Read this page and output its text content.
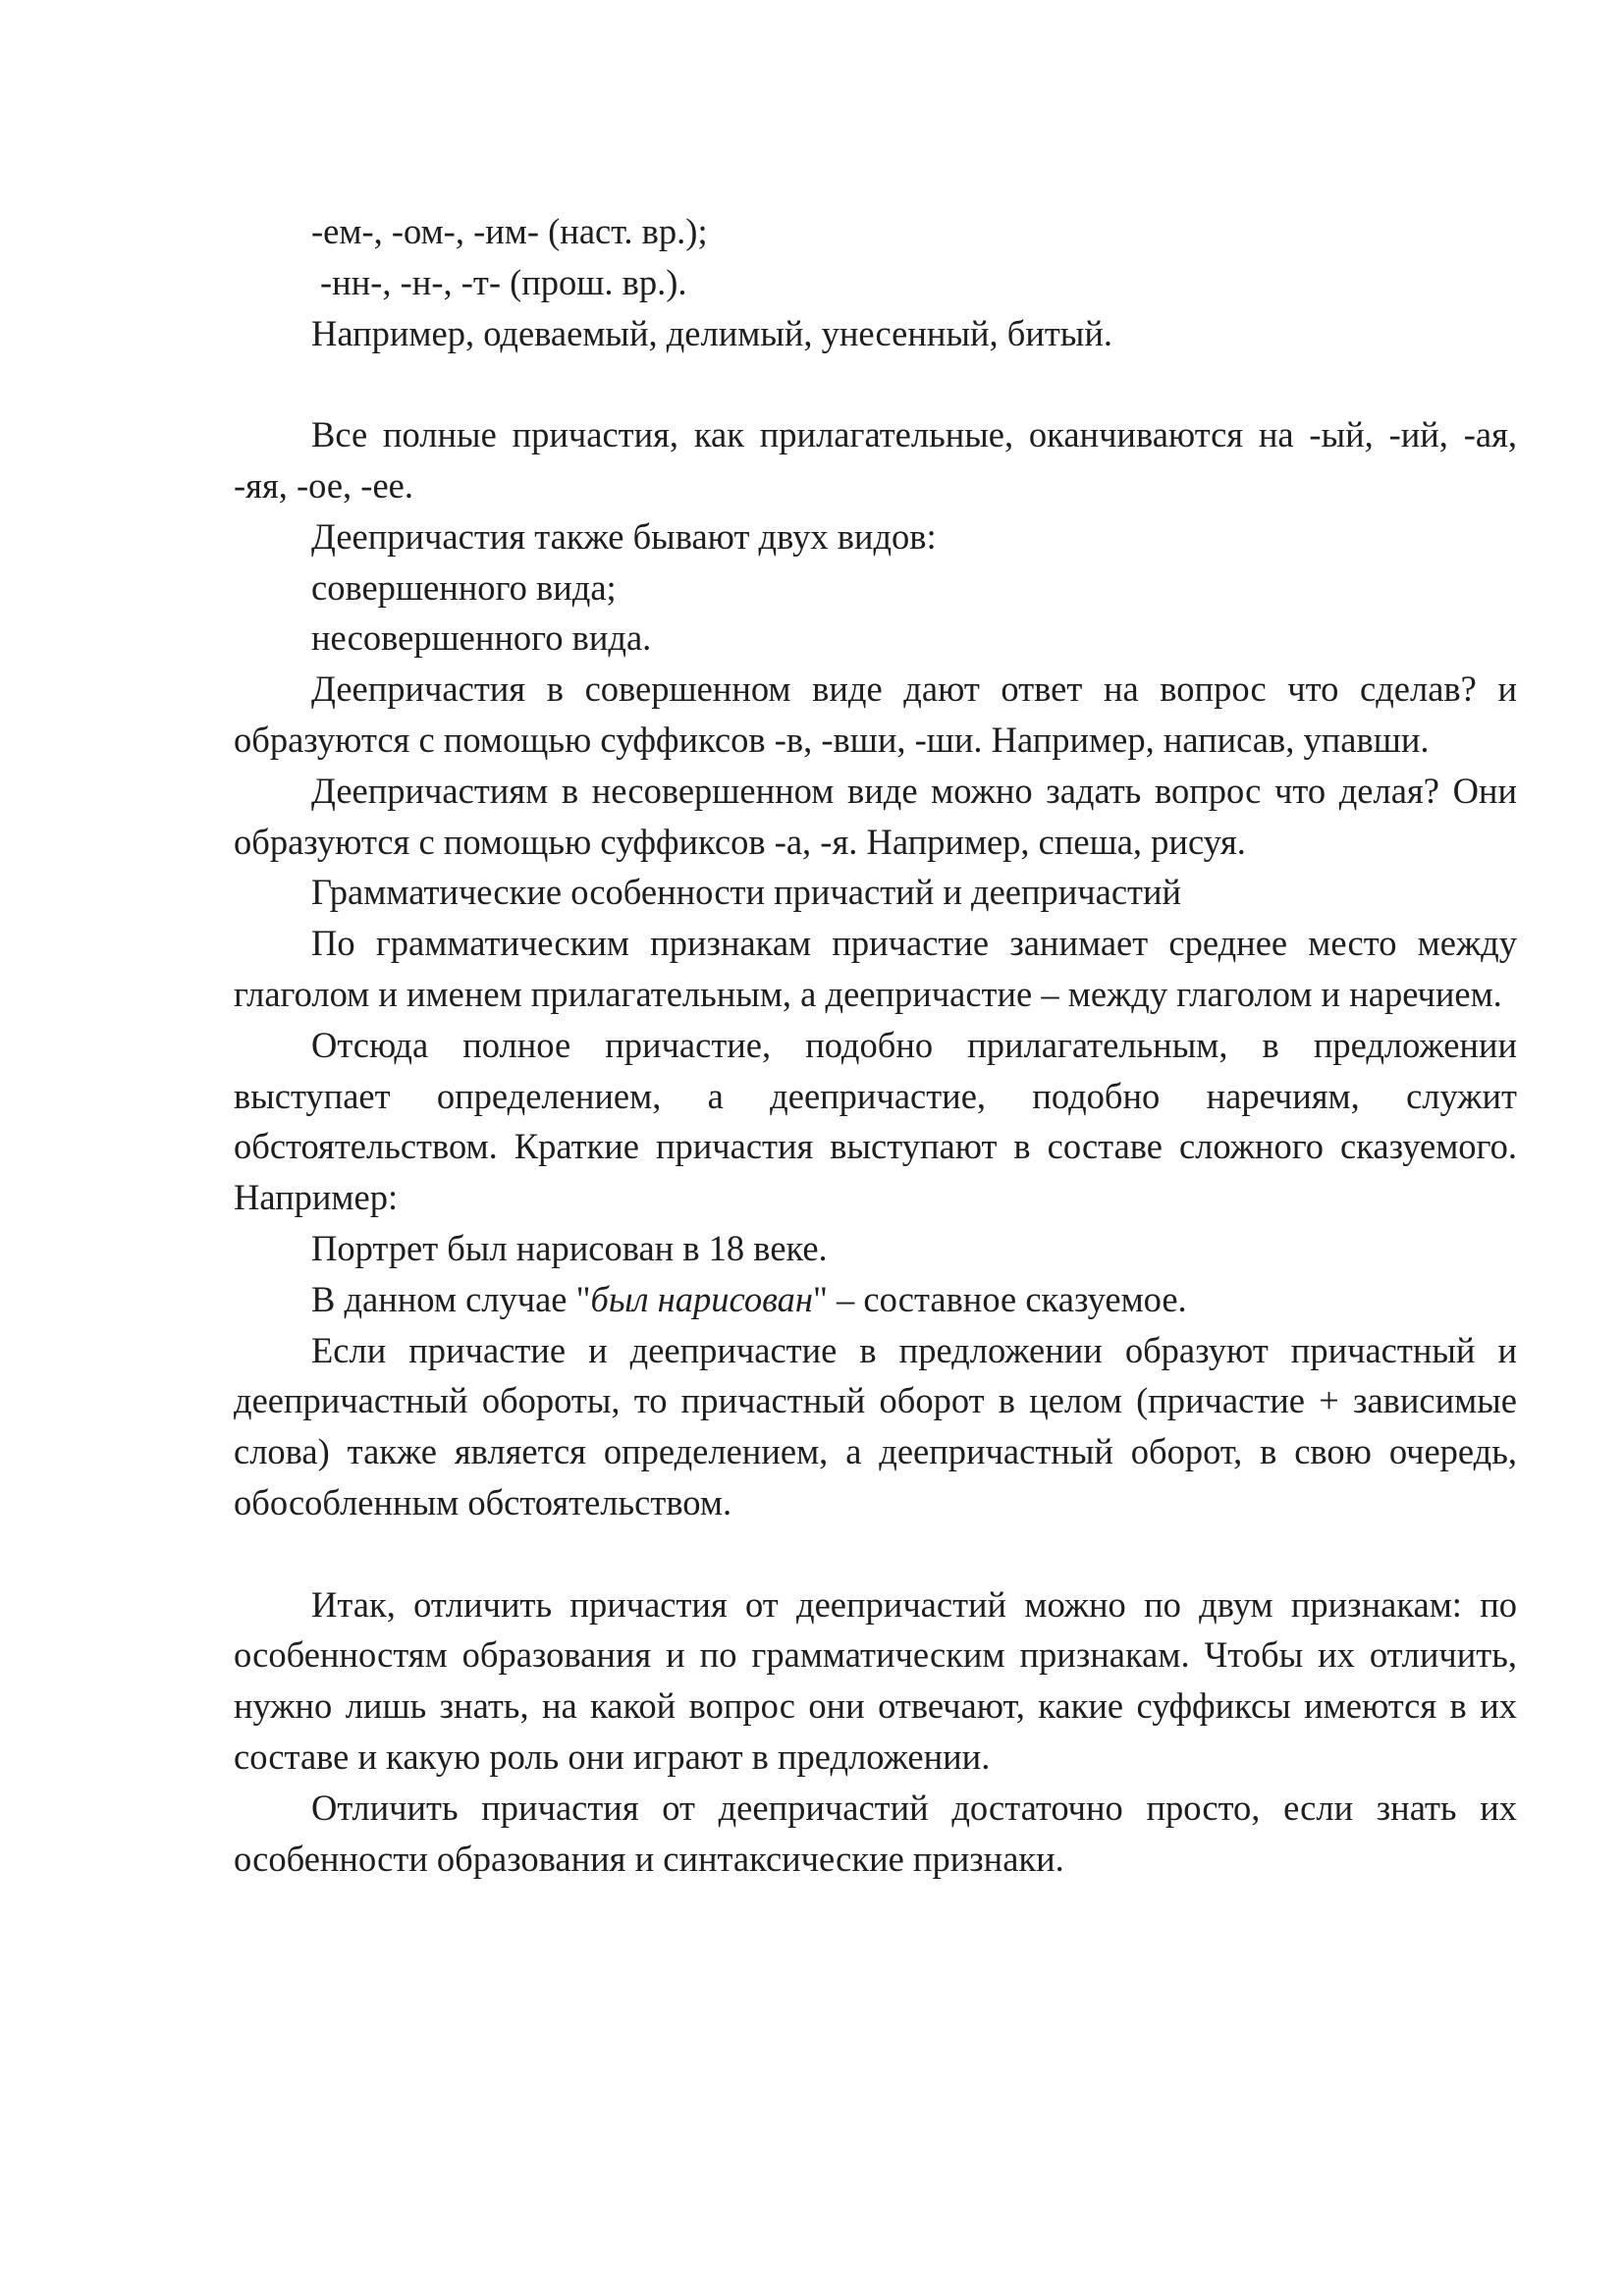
-ем-, -ом-, -им- (наст. вр.);

-нн-, -н-, -т- (прош. вр.).

Например, одеваемый, делимый, унесенный, битый.

Все полные причастия, как прилагательные, оканчиваются на -ый, -ий, -ая, -яя, -ое, -ее.

Деепричастия также бывают двух видов:

совершенного вида;

несовершенного вида.

Деепричастия в совершенном виде дают ответ на вопрос что сделав? и образуются с помощью суффиксов -в, -вши, -ши. Например, написав, упавши.

Деепричастиям в несовершенном виде можно задать вопрос что делая? Они образуются с помощью суффиксов -а, -я. Например, спеша, рисуя.

Грамматические особенности причастий и деепричастий

По грамматическим признакам причастие занимает среднее место между глаголом и именем прилагательным, а деепричастие – между глаголом и наречием.

Отсюда полное причастие, подобно прилагательным, в предложении выступает определением, а деепричастие, подобно наречиям, служит обстоятельством. Краткие причастия выступают в составе сложного сказуемого. Например:

Портрет был нарисован в 18 веке.

В данном случае "был нарисован" – составное сказуемое.

Если причастие и деепричастие в предложении образуют причастный и деепричастный обороты, то причастный оборот в целом (причастие + зависимые слова) также является определением, а деепричастный оборот, в свою очередь, обособленным обстоятельством.

Итак, отличить причастия от деепричастий можно по двум признакам: по особенностям образования и по грамматическим признакам. Чтобы их отличить, нужно лишь знать, на какой вопрос они отвечают, какие суффиксы имеются в их составе и какую роль они играют в предложении.

Отличить причастия от деепричастий достаточно просто, если знать их особенности образования и синтаксические признаки.
